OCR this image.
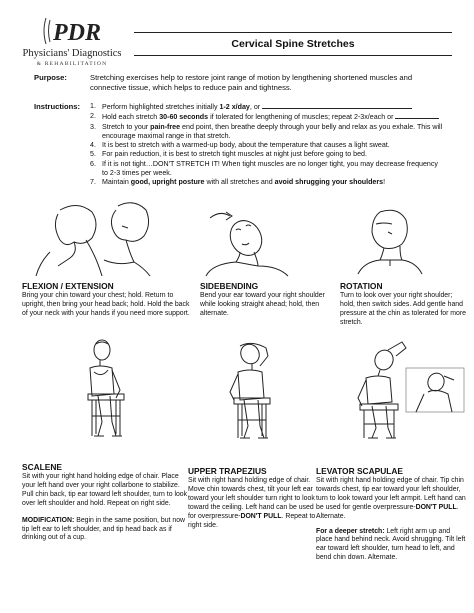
PDR
Physicians' Diagnostics
& REHABILITATION
Cervical Spine Stretches
Purpose:	Stretching exercises help to restore joint range of motion by lengthening shortened muscles and connective tissue, which helps to reduce pain and tightness.
Instructions: 1. Perform highlighted stretches initially 1-2 x/day, or
2. Hold each stretch 30-60 seconds if tolerated for lengthening of muscles; repeat 2-3x/each or
3. Stretch to your pain-free end point, then breathe deeply through your belly and relax as you exhale. This will encourage maximal range in that stretch.
4. It is best to stretch with a warmed-up body, about the temperature that causes a light sweat.
5. For pain reduction, it is best to stretch tight muscles at night just before going to bed.
6. If it is not tight…DON'T STRETCH IT! When tight muscles are no longer tight, you may decrease frequency to 2-3 times per week.
7. Maintain good, upright posture with all stretches and avoid shrugging your shoulders!
FLEXION / EXTENSION
Bring your chin toward your chest; hold. Return to upright, then bring your head back; hold. Hold the back of your neck with your hands if you need more support.
SIDEBENDING
Bend your ear toward your right shoulder while looking straight ahead; hold, then alternate.
ROTATION
Turn to look over your right shoulder; hold, then switch sides. Add gentle hand pressure at the chin as tolerated for more stretch.
SCALENE
Sit with your right hand holding edge of chair. Place your left hand over your right collarbone to stabilize. Pull chin back, tip ear toward left shoulder, turn to look over left shoulder and hold. Repeat on right side.
MODIFICATION: Begin in the same position, but now tip left ear to left shoulder, and tip head back as if drinking out of a cup.
UPPER TRAPEZIUS
Sit with right hand holding edge of chair. Move chin towards chest, tilt your left ear toward your left shoulder turn right to look toward the ceiling. Left hand can be used for overpressure-DON'T PULL. Repeat to right side.
LEVATOR SCAPULAE
Sit with right hand holding edge of chair. Tip chin towards chest, tip ear toward your left shoulder, turn to look toward your left armpit. Left hand can be used for gentle overpressure-DON'T PULL. Alternate.
For a deeper stretch: Left right arm up and place hand behind neck. Avoid shrugging. Tilt left ear toward left shoulder, turn head to left, and bend chin down. Alternate.
